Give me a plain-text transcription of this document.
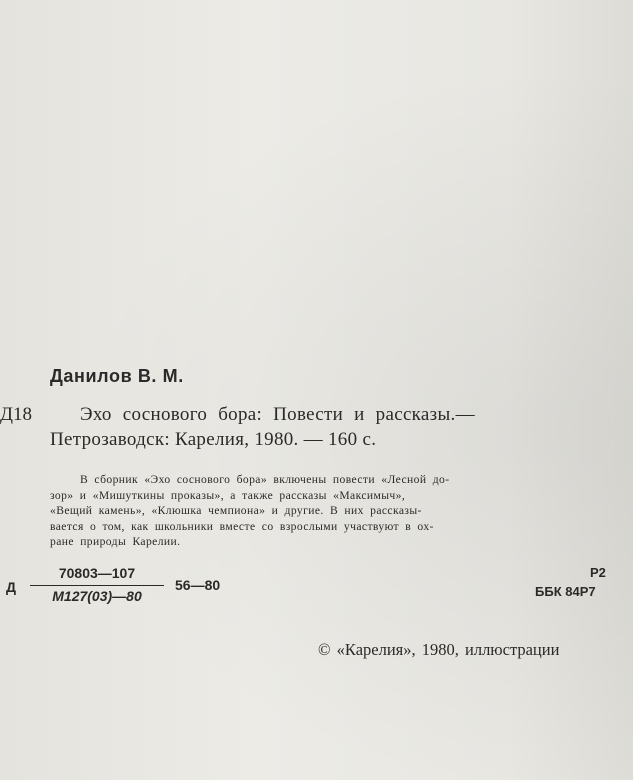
Данилов В. М.
Д18	Эхо соснового бора: Повести и рассказы.—
Петрозаводск: Карелия, 1980. — 160 с.
В сборник «Эхо соснового бора» включены повести «Лесной до-
зор» и «Мишуткины проказы», а также рассказы «Максимыч»,
«Вещий камень», «Клюшка чемпиона» и другие. В них рассказы-
вается о том, как школьники вместе со взрослыми участвуют в ох-
ране природы Карелии.
Д
70803—107
М127(03)—80
56—80
Р2
ББК 84Р7
© «Карелия», 1980, иллюстрации
